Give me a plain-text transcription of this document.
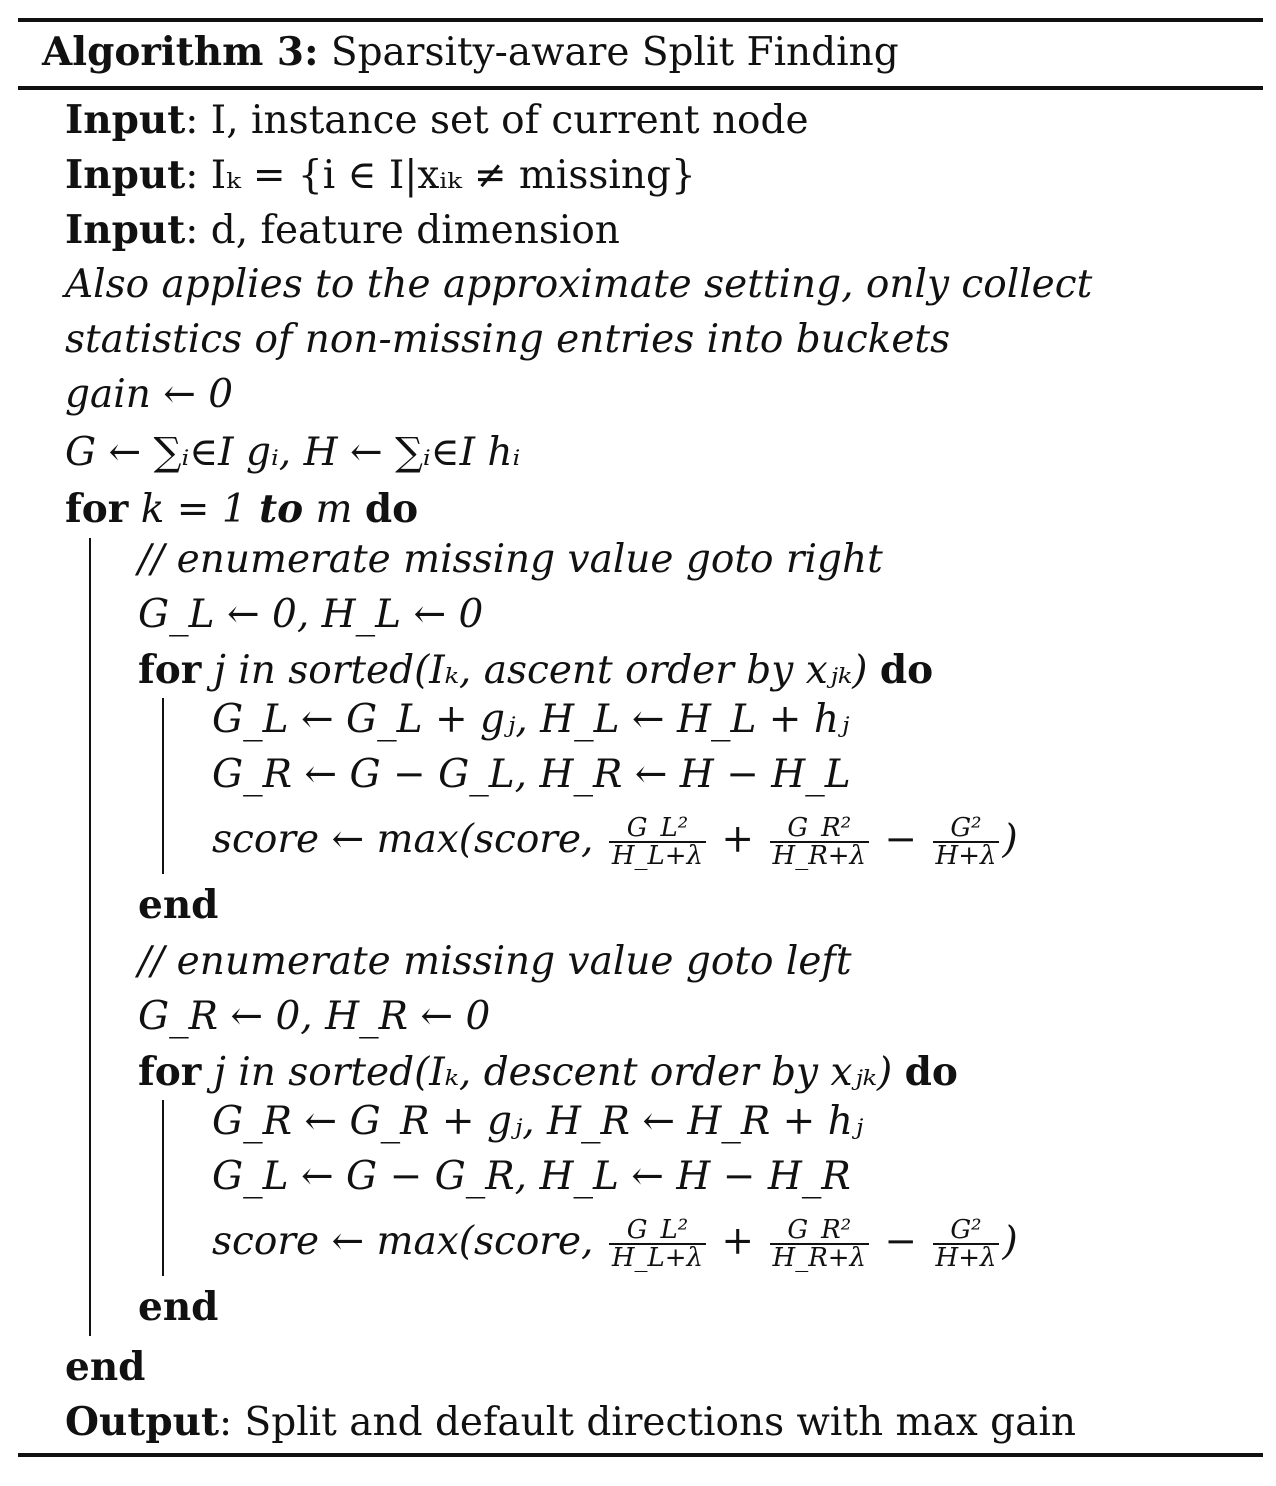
Algorithm 3: Sparsity-aware Split Finding
Input: I, instance set of current node
Input: Iₖ = {i ∈ I|xᵢₖ ≠ missing}
Input: d, feature dimension
Also applies to the approximate setting, only collect
statistics of non-missing entries into buckets
gain ← 0
G ← ∑ᵢ∈I gᵢ, H ← ∑ᵢ∈I hᵢ
for k = 1 to m do
// enumerate missing value goto right
G_L ← 0, H_L ← 0
for j in sorted(Iₖ, ascent order by xⱼₖ) do
G_L ← G_L + gⱼ, H_L ← H_L + hⱼ
G_R ← G − G_L, H_R ← H − H_L
score ← max(score, $\frac{\text{G\_L²}}{H\_L+\lambda} + \frac{\text{G\_R²}}{H\_R+\lambda} - \frac{\text{G²}}{H+\lambda}$ )
end
// enumerate missing value goto left
G_R ← 0, H_R ← 0
for j in sorted(Iₖ, descent order by xⱼₖ) do
G_R ← G_R + gⱼ, H_R ← H_R + hⱼ
G_L ← G − G_R, H_L ← H − H_R
score ← max(score, $\frac{\text{G\_L²}}{H\_L+\lambda} + \frac{\text{G\_R²}}{H\_R+\lambda} - \frac{\text{G²}}{H+\lambda}$ )
end
end
Output: Split and default directions with max gain
